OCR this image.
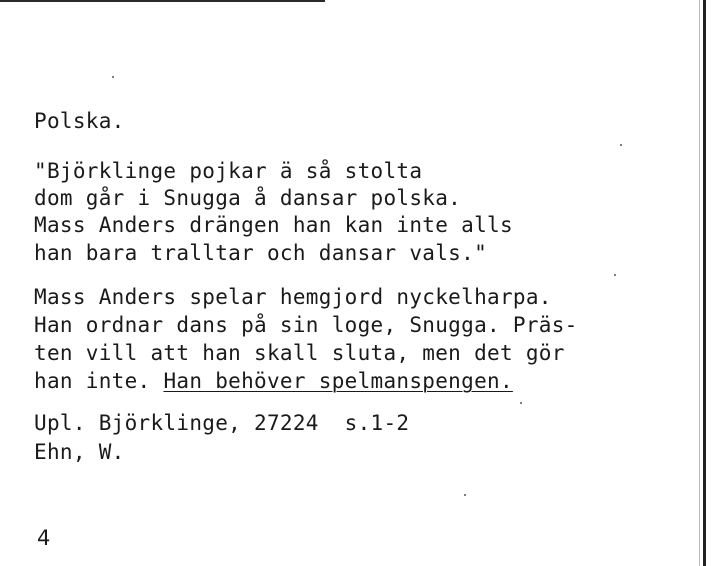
Polska.
"Björklinge pojkar ä så stolta
dom går i Snugga å dansar polska.
Mass Anders drängen han kan inte alls
han bara tralltar och dansar vals."
Mass Anders spelar hemgjord nyckelharpa.
Han ordnar dans på sin loge, Snugga. Präs-
ten vill att han skall sluta, men det gör
han inte. Han behöver spelmanspengen.
Upl. Björklinge, 27224  s.1-2
Ehn, W.
4
